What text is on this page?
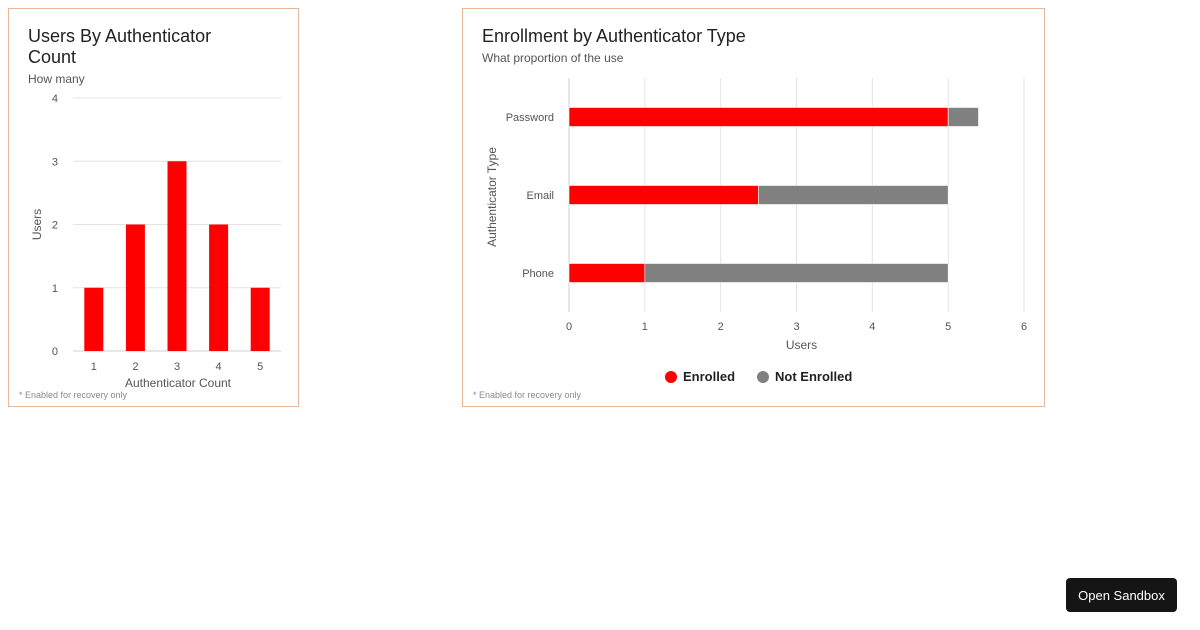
Users By Authenticator
Count
How many
0
1
2
3
4
1	2	3	4	5
Authenticator Count
Users
* Enabled for recovery only
Enrollment by Authenticator Type
What proportion of the use
0	1	2	3	4	5	6
Password
Email
Phone
Users
Authenticator Type
Enrolled	Not Enrolled
* Enabled for recovery only
Open Sandbox
